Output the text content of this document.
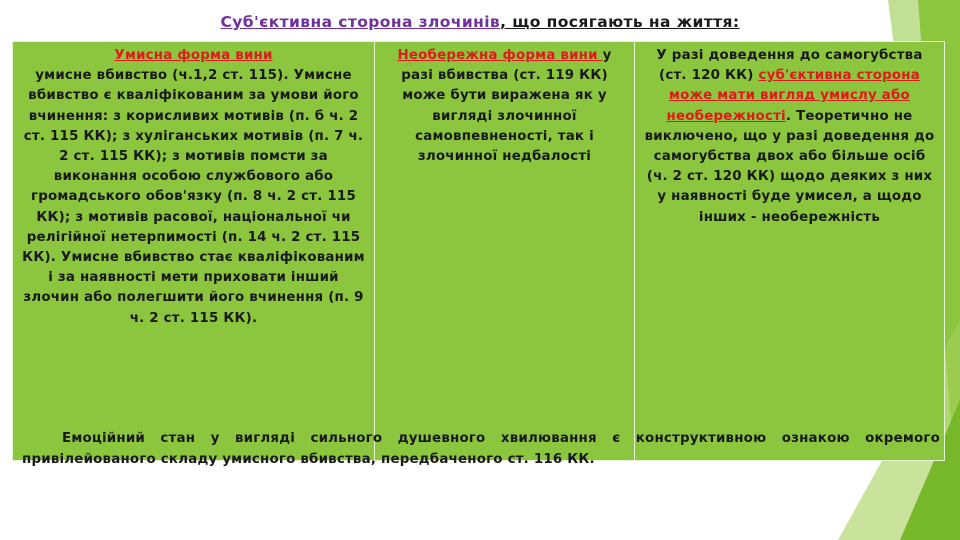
Суб'єктивна сторона злочинів, що посягають на життя:
Умисна форма вини
умисне вбивство (ч.1,2 ст. 115). Умисне вбивство є кваліфікованим за умови його вчинення: з корисливих мотивів (п. б ч. 2 ст. 115 КК); з хуліганських мотивів (п. 7 ч. 2 ст. 115 КК); з мотивів помсти за виконання особою службового або громадського обов'язку (п. 8 ч. 2 ст. 115 КК); з мотивів расової, національної чи релігійної нетерпимості (п. 14 ч. 2 ст. 115 КК). Умисне вбивство стає кваліфікованим і за наявності мети приховати інший злочин або полегшити його вчинення (п. 9 ч. 2 ст. 115 КК).
Необережна форма вини у разі вбивства (ст. 119 КК) може бути виражена як у вигляді злочинної самовпевненості, так і злочинної недбалості
У разі доведення до самогубства (ст. 120 КК) суб'єктивна сторона може мати вигляд умислу або необережності. Теоретично не виключено, що у разі доведення до самогубства двох або більше осіб (ч. 2 ст. 120 КК) щодо деяких з них у наявності буде умисел, а щодо інших - необережність
Емоційний стан у вигляді сильного душевного хвилювання є конструктивною ознакою окремого привілейованого складу умисного вбивства, передбаченого ст. 116 КК.
